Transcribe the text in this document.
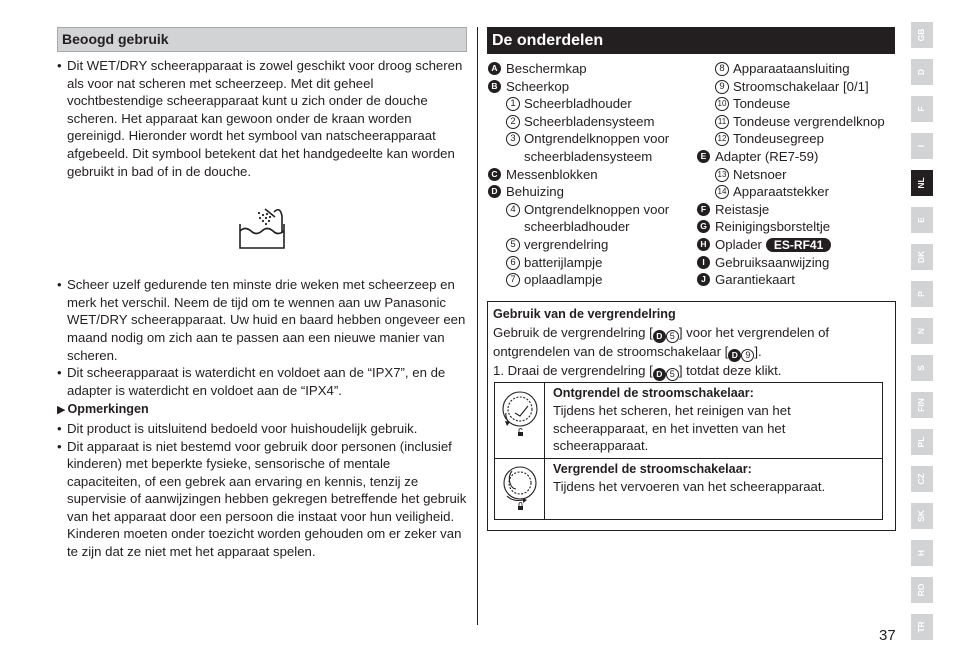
Beoogd gebruik
• Dit WET/DRY scheerapparaat is zowel geschikt voor droog scheren als voor nat scheren met scheerzeep. Met dit geheel vochtbestendige scheerapparaat kunt u zich onder de douche scheren. Het apparaat kan gewoon onder de kraan worden gereinigd. Hieronder wordt het symbool van natscheerapparaat afgebeeld. Dit symbool betekent dat het handgedeelte kan worden gebruikt in bad of in de douche.
• Scheer uzelf gedurende ten minste drie weken met scheerzeep en merk het verschil. Neem de tijd om te wennen aan uw Panasonic WET/DRY scheerapparaat. Uw huid en baard hebben ongeveer een maand nodig om zich aan te passen aan een nieuwe manier van scheren.
• Dit scheerapparaat is waterdicht en voldoet aan de “IPX7”, en de adapter is waterdicht en voldoet aan de “IPX4”.
▶ Opmerkingen
• Dit product is uitsluitend bedoeld voor huishoudelijk gebruik.
• Dit apparaat is niet bestemd voor gebruik door personen (inclusief kinderen) met beperkte fysieke, sensorische of mentale capaciteiten, of een gebrek aan ervaring en kennis, tenzij ze supervisie of aanwijzingen hebben gekregen betreffende het gebruik van het apparaat door een persoon die instaat voor hun veiligheid. Kinderen moeten onder toezicht worden gehouden om er zeker van te zijn dat ze niet met het apparaat spelen.
De onderdelen
A Beschermkap
B Scheerkop
1 Scheerbladhouder
2 Scheerbladensysteem
3 Ontgrendelknoppen voor
scheerbladensysteem
C Messenblokken
D Behuizing
4 Ontgrendelknoppen voor
scheerbladhouder
5 vergrendelring
6 batterijlampje
7 oplaadlampje
8 Apparaataansluiting
9 Stroomschakelaar [0/1]
10 Tondeuse
11 Tondeuse vergrendelknop
12 Tondeusegreep
E Adapter (RE7-59)
13 Netsnoer
14 Apparaatstekker
F Reistasje
G Reinigingsborsteltje
H Oplader ES-RF41
I Gebruiksaanwijzing
J Garantiekaart
Gebruik van de vergrendelring
Gebruik de vergrendelring [ D 5 ] voor het vergrendelen of
ontgrendelen van de stroomschakelaar [ D 9 ].
1. Draai de vergrendelring [ D 5 ] totdat deze klikt.
Ontgrendel de stroomschakelaar:
Tijdens het scheren, het reinigen van het scheerapparaat, en het invetten van het scheerapparaat.
Vergrendel de stroomschakelaar:
Tijdens het vervoeren van het scheerapparaat.
GB
D
F
I
NL
E
DK
P
N
S
FIN
PL
CZ
SK
H
RO
TR
37
